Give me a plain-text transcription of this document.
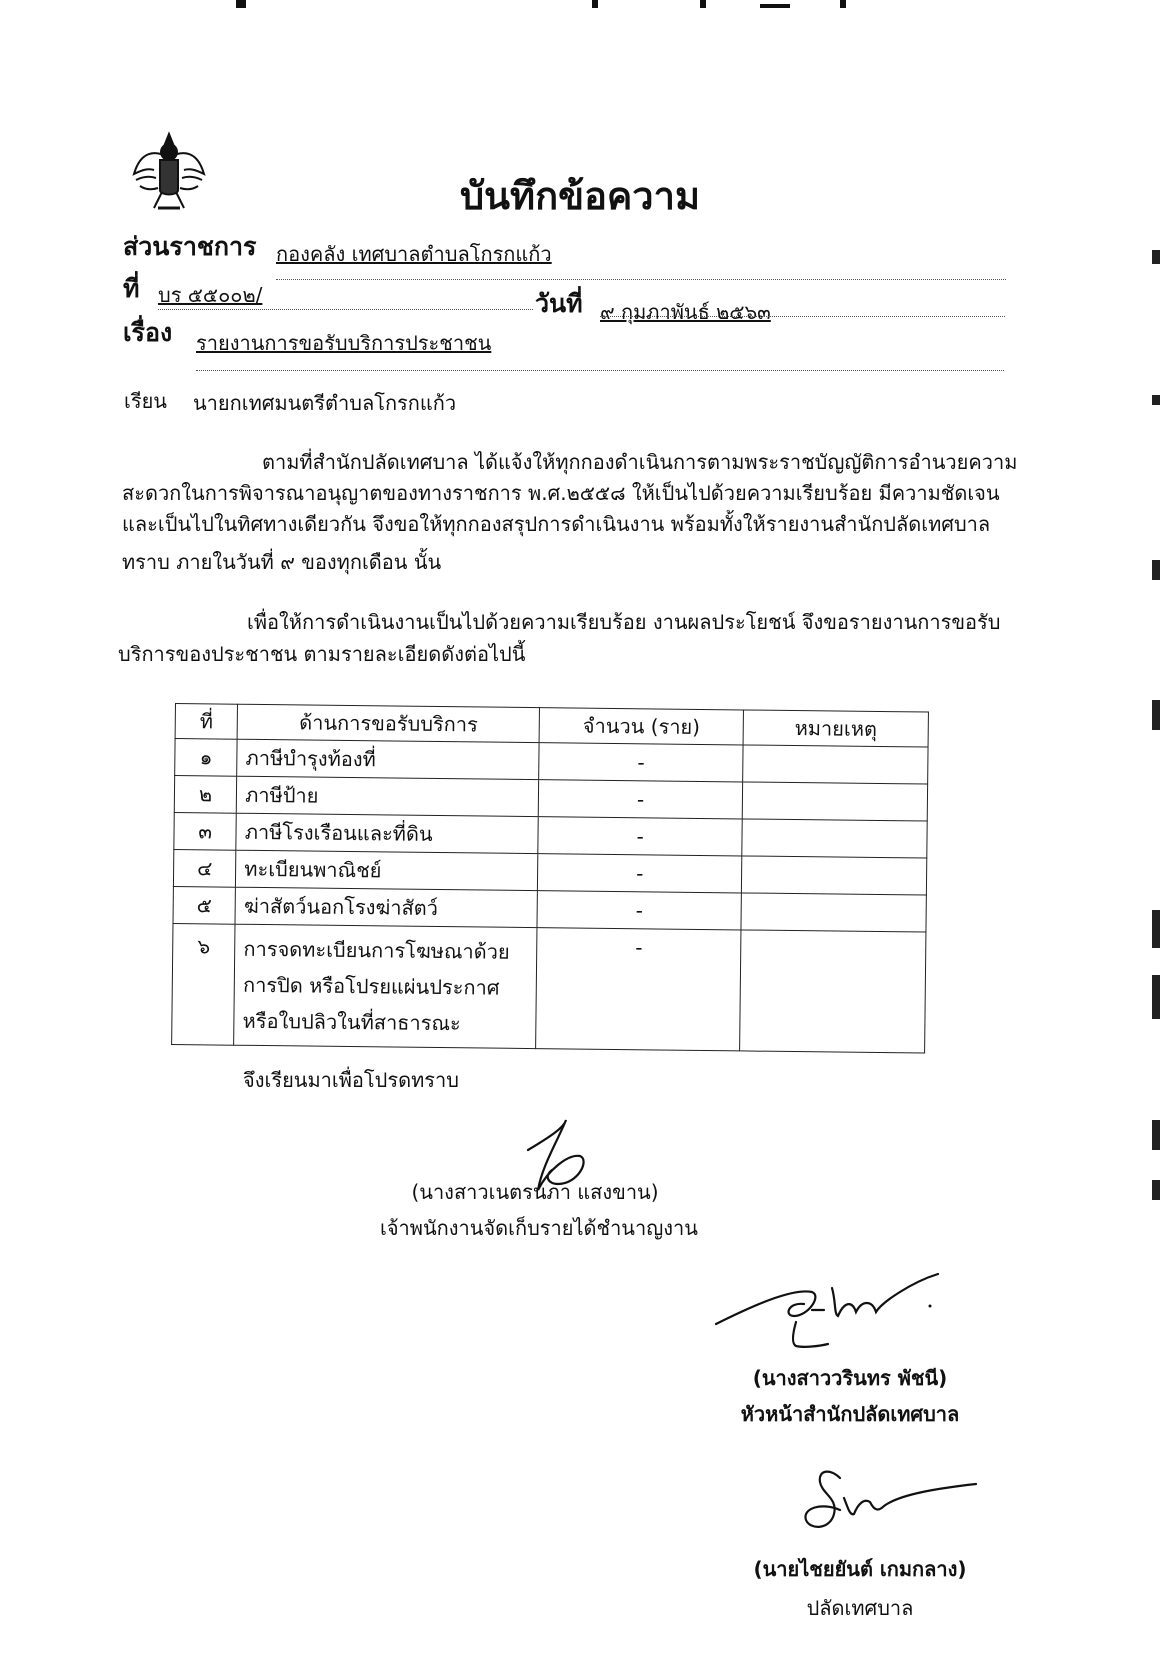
บันทึกข้อความ
ส่วนราชการ กองคลัง เทศบาลตำบลโกรกแก้ว
ที่ บร ๕๕๐๐๒/	วันที่ ๙ กุมภาพันธ์ ๒๕๖๓
เรื่อง รายงานการขอรับบริการประชาชน
เรียน นายกเทศมนตรีตำบลโกรกแก้ว
ตามที่สำนักปลัดเทศบาล ได้แจ้งให้ทุกกองดำเนินการตามพระราชบัญญัติการอำนวยความ
สะดวกในการพิจารณาอนุญาตของทางราชการ พ.ศ.๒๕๕๘ ให้เป็นไปด้วยความเรียบร้อย มีความชัดเจน
และเป็นไปในทิศทางเดียวกัน จึงขอให้ทุกกองสรุปการดำเนินงาน พร้อมทั้งให้รายงานสำนักปลัดเทศบาล
ทราบ ภายในวันที่ ๙ ของทุกเดือน นั้น
เพื่อให้การดำเนินงานเป็นไปด้วยความเรียบร้อย งานผลประโยชน์ จึงขอรายงานการขอรับ
บริการของประชาชน ตามรายละเอียดดังต่อไปนี้
ที่	ด้านการขอรับบริการ	จำนวน (ราย)	หมายเหตุ
๑	ภาษีบำรุงท้องที่	-	
๒	ภาษีป้าย	-	
๓	ภาษีโรงเรือนและที่ดิน	-	
๔	ทะเบียนพาณิชย์	-	
๕	ฆ่าสัตว์นอกโรงฆ่าสัตว์	-	
๖	การจดทะเบียนการโฆษณาด้วย
การปิด หรือโปรยแผ่นประกาศ
หรือใบปลิวในที่สาธารณะ	-	
จึงเรียนมาเพื่อโปรดทราบ
(นางสาวเนตรนภา แสงขาน)
เจ้าพนักงานจัดเก็บรายได้ชำนาญงาน
(นางสาววรินทร พัชนี)
หัวหน้าสำนักปลัดเทศบาล
(นายไชยยันต์ เกมกลาง)
ปลัดเทศบาล
